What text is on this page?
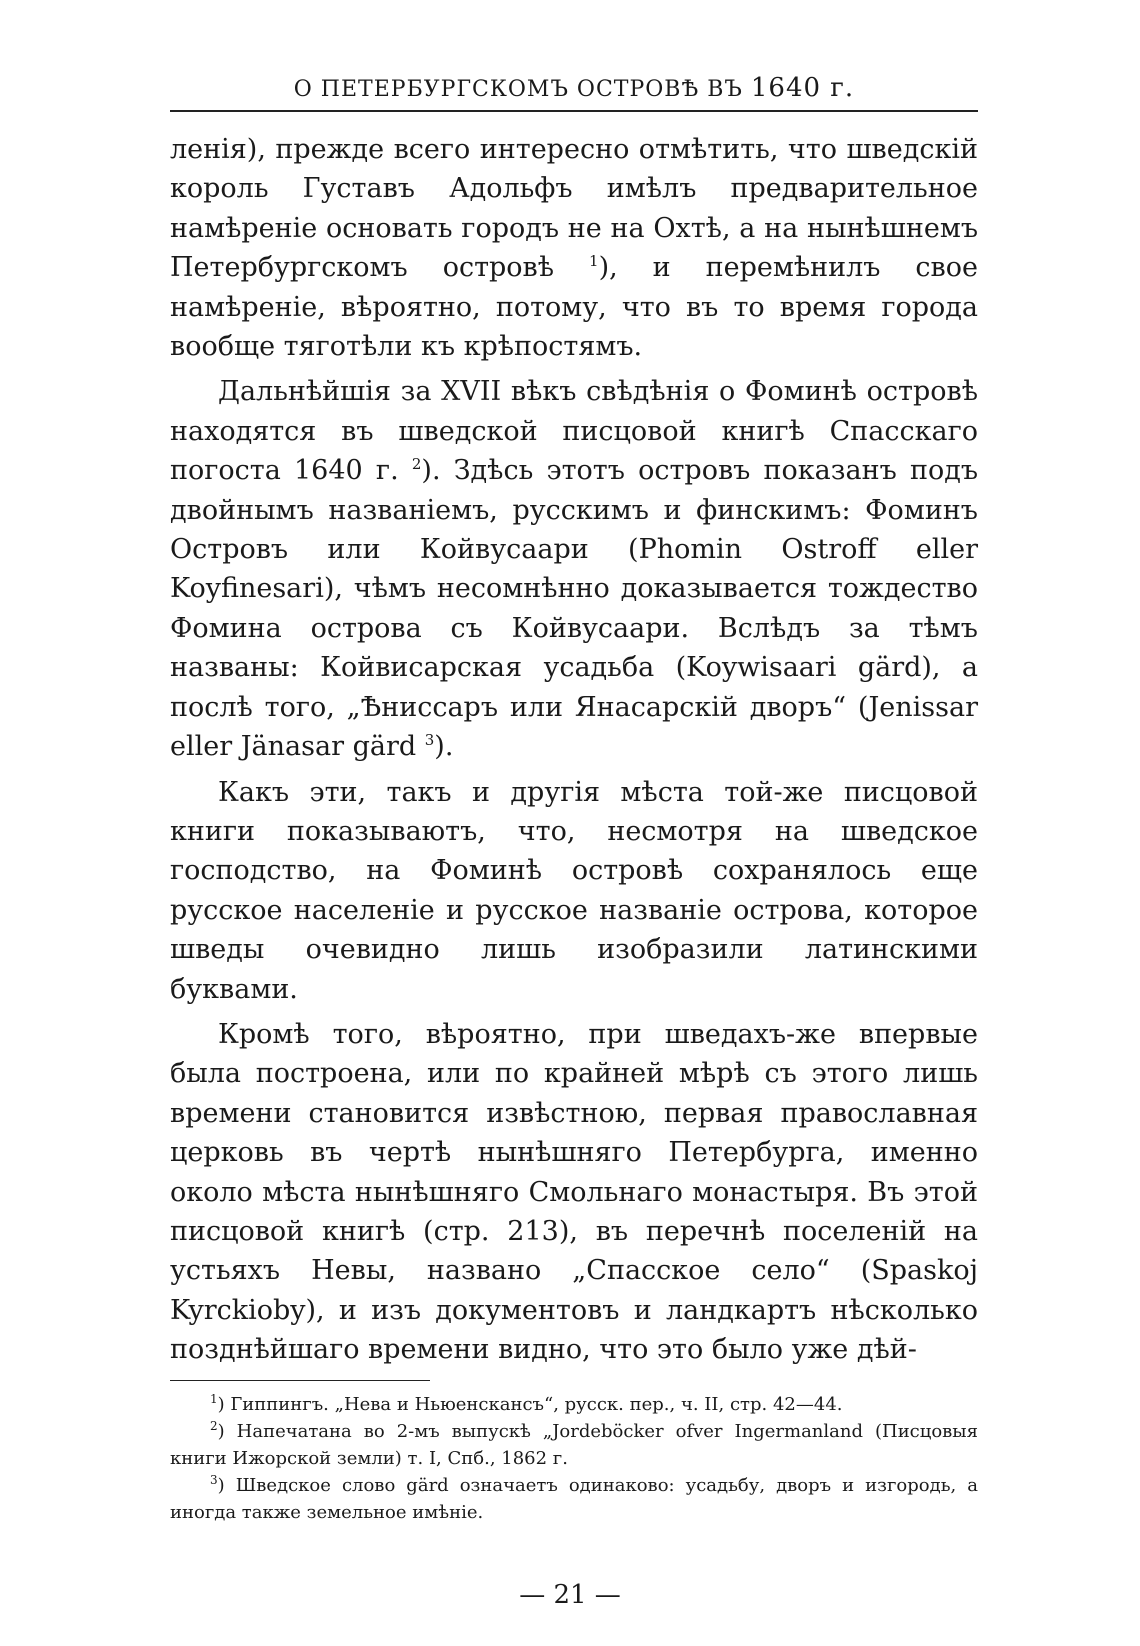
О ПЕТЕРБУРГСКОМЪ ОСТРОВѢ ВЪ 1640 г.

ленія), прежде всего интересно отмѣтить, что шведскій король Густавъ Адольфъ имѣлъ предварительное намѣреніе основать городъ не на Охтѣ, а на нынѣшнемъ Петербургскомъ островѣ $^1$), и перемѣнилъ свое намѣреніе, вѣроятно, потому, что въ то время города вообще тяготѣли къ крѣпостямъ.

Дальнѣйшія за XVII вѣкъ свѣдѣнія о Фоминѣ островѣ находятся въ шведской писцовой книгѣ Спасскаго погоста 1640 г. $^2$). Здѣсь этотъ островъ показанъ подъ двойнымъ названіемъ, русскимъ и финскимъ: Фоминъ Островъ или Койвусаари (Phomin Ostroff eller Koyfinesari), чѣмъ несомнѣнно доказывается тождество Фомина острова съ Койвусаари. Вслѣдъ за тѣмъ названы: Койвисарская усадьба (Koywisaari gärd), а послѣ того, „Ѣниссаръ или Янасарскій дворъ“ (Jenissar eller Jänasar gärd $^3$).

Какъ эти, такъ и другія мѣста той-же писцовой книги показываютъ, что, несмотря на шведское господство, на Фоминѣ островѣ сохранялось еще русское населеніе и русское названіе острова, которое шведы очевидно лишь изобразили латинскими буквами.

Кромѣ того, вѣроятно, при шведахъ-же впервые была построена, или по крайней мѣрѣ съ этого лишь времени становится извѣстною, первая православная церковь въ чертѣ нынѣшняго Петербурга, именно около мѣста нынѣшняго Смольнаго монастыря. Въ этой писцовой книгѣ (стр. 213), въ перечнѣ поселеній на устьяхъ Невы, названо „Спасское село“ (Spaskoj Kyrckioby), и изъ документовъ и ландкартъ нѣсколько позднѣйшаго времени видно, что это было уже дѣй-

$^1$) Гиппингъ. „Нева и Ньюенскансъ“, русск. пер., ч. II, стр. 42—44.

$^2$) Напечатана во 2-мъ выпускѣ „Jordeböcker ofver Ingermanland (Писцовыя книги Ижорской земли) т. I, Спб., 1862 г.

$^3$) Шведское слово gärd означаетъ одинаково: усадьбу, дворъ и изгородь, а иногда также земельное имѣніе.

— 21 —
